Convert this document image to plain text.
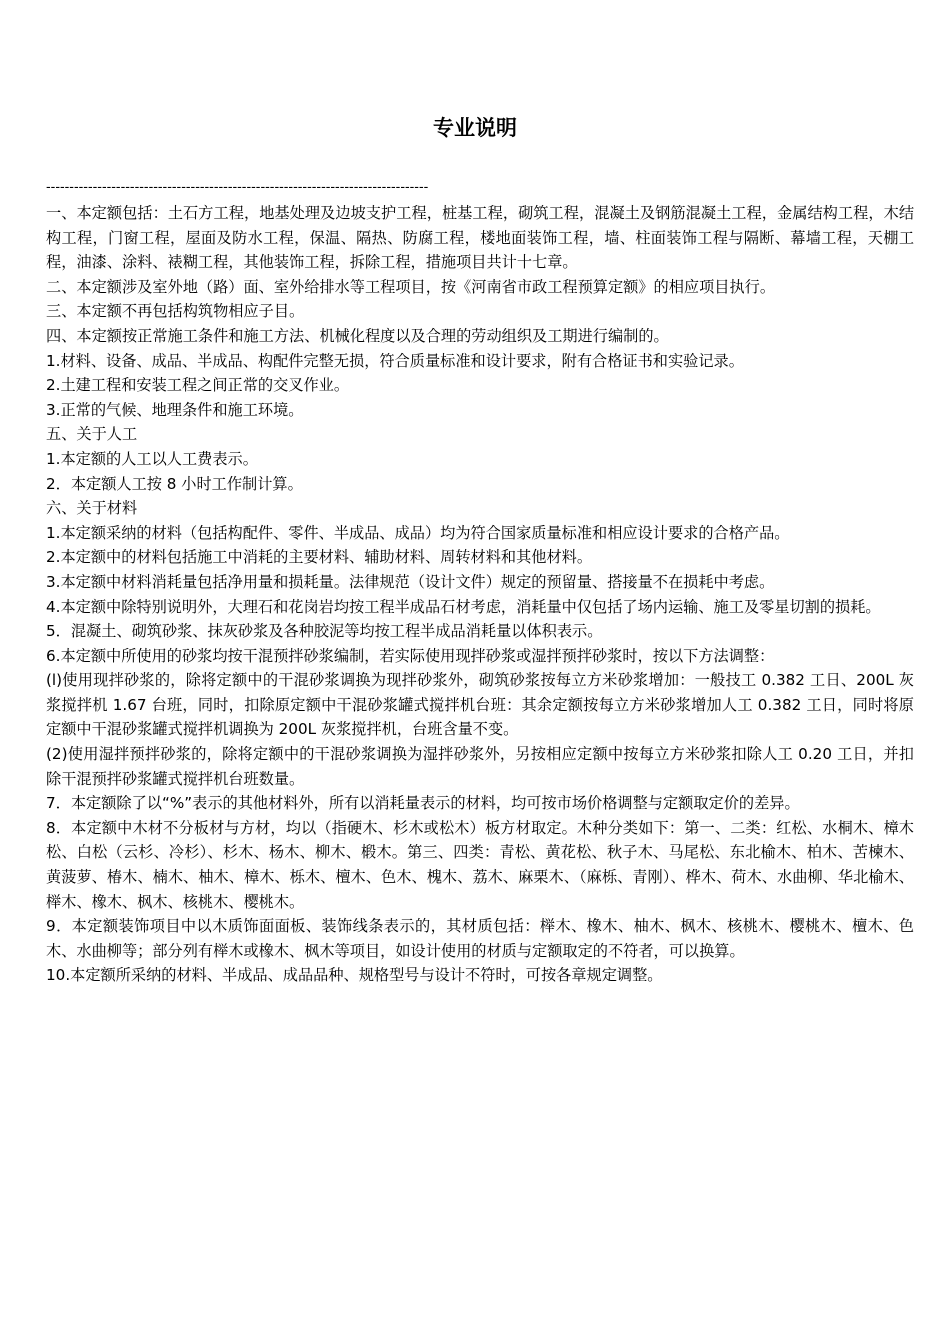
专业说明
----------------------------------------------------------------------------------

一、本定额包括：土石方工程，地基处理及边坡支护工程，桩基工程，砌筑工程，混凝土及钢筋混凝土工程，金属结构工程，木结构工程，门窗工程，屋面及防水工程，保温、隔热、防腐工程，楼地面装饰工程，墙、柱面装饰工程与隔断、幕墙工程，天棚工程，油漆、涂料、裱糊工程，其他装饰工程，拆除工程，措施项目共计十七章。

二、本定额涉及室外地（路）面、室外给排水等工程项目，按《河南省市政工程预算定额》的相应项目执行。

三、本定额不再包括构筑物相应子目。

四、本定额按正常施工条件和施工方法、机械化程度以及合理的劳动组织及工期进行编制的。

1.材料、设备、成品、半成品、构配件完整无损，符合质量标准和设计要求，附有合格证书和实验记录。

2.土建工程和安装工程之间正常的交叉作业。

3.正常的气候、地理条件和施工环境。

五、关于人工

1.本定额的人工以人工费表示。

2．本定额人工按 8 小时工作制计算。

六、关于材料

1.本定额采纳的材料（包括构配件、零件、半成品、成品）均为符合国家质量标准和相应设计要求的合格产品。

2.本定额中的材料包括施工中消耗的主要材料、辅助材料、周转材料和其他材料。

3.本定额中材料消耗量包括净用量和损耗量。法律规范（设计文件）规定的预留量、搭接量不在损耗中考虑。

4.本定额中除特别说明外，大理石和花岗岩均按工程半成品石材考虑，消耗量中仅包括了场内运输、施工及零星切割的损耗。

5．混凝土、砌筑砂浆、抹灰砂浆及各种胶泥等均按工程半成品消耗量以体积表示。

6.本定额中所使用的砂浆均按干混预拌砂浆编制，若实际使用现拌砂浆或湿拌预拌砂浆时，按以下方法调整：

(l)使用现拌砂浆的，除将定额中的干混砂浆调换为现拌砂浆外，砌筑砂浆按每立方米砂浆增加：一般技工 0.382 工日、200L 灰浆搅拌机 1.67 台班，同时，扣除原定额中干混砂浆罐式搅拌机台班：其余定额按每立方米砂浆增加人工 0.382 工日，同时将原定额中干混砂浆罐式搅拌机调换为 200L 灰浆搅拌机，台班含量不变。

(2)使用湿拌预拌砂浆的，除将定额中的干混砂浆调换为湿拌砂浆外，另按相应定额中按每立方米砂浆扣除人工 0.20 工日，并扣除干混预拌砂浆罐式搅拌机台班数量。

7．本定额除了以“%”表示的其他材料外，所有以消耗量表示的材料，均可按市场价格调整与定额取定价的差异。

8．本定额中木材不分板材与方材，均以（指硬木、杉木或松木）板方材取定。木种分类如下：第一、二类：红松、水桐木、樟木松、白松（云杉、冷杉）、杉木、杨木、柳木、椴木。第三、四类：青松、黄花松、秋子木、马尾松、东北榆木、柏木、苦楝木、黄菠萝、椿木、楠木、柚木、樟木、栎木、檀木、色木、槐木、荔木、麻栗木、（麻栎、青刚）、桦木、荷木、水曲柳、华北榆木、榉木、橡木、枫木、核桃木、樱桃木。

9．本定额装饰项目中以木质饰面面板、装饰线条表示的，其材质包括：榉木、橡木、柚木、枫木、核桃木、樱桃木、檀木、色木、水曲柳等；部分列有榉木或橡木、枫木等项目，如设计使用的材质与定额取定的不符者，可以换算。

10.本定额所采纳的材料、半成品、成品品种、规格型号与设计不符时，可按各章规定调整。
